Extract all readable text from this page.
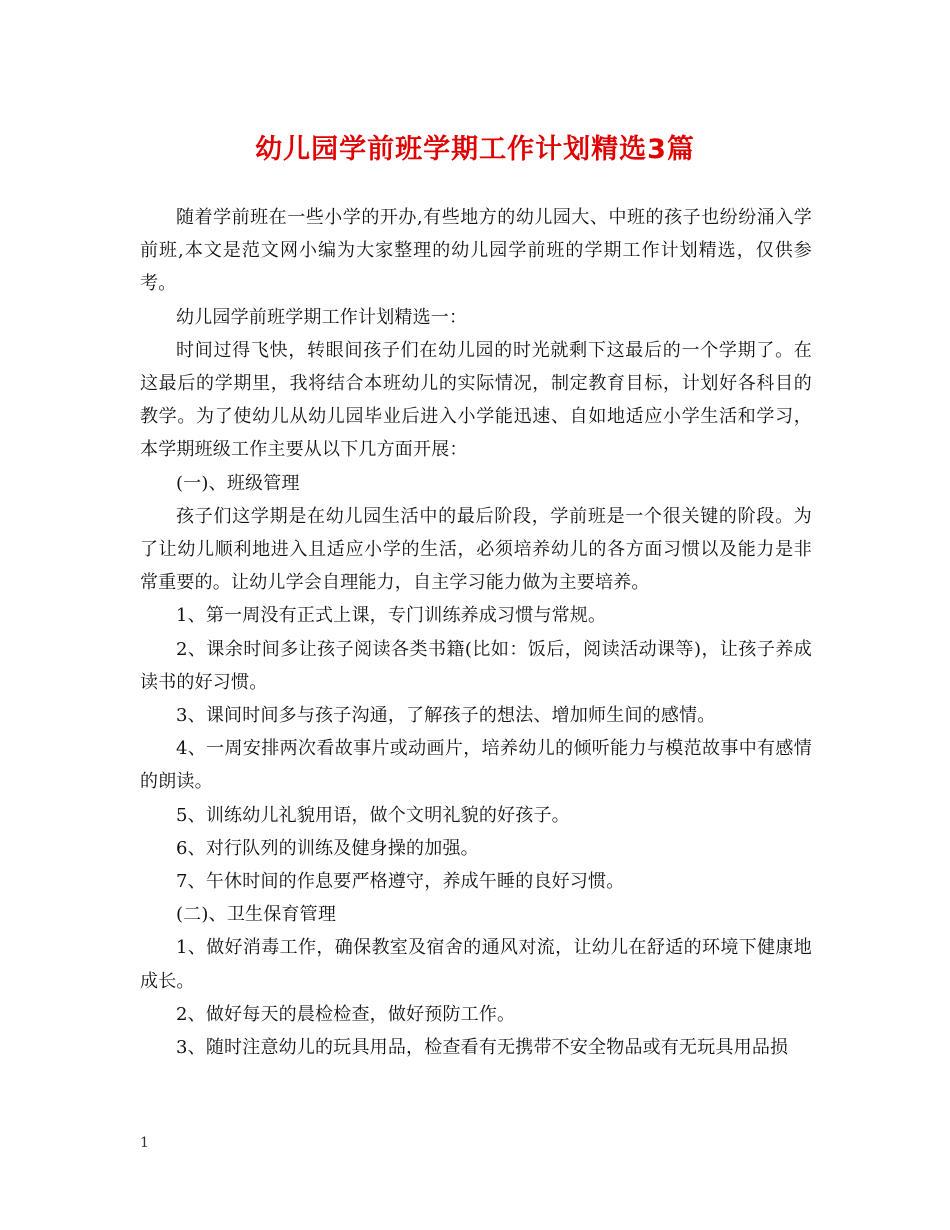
幼儿园学前班学期工作计划精选3篇

随着学前班在一些小学的开办,有些地方的幼儿园大、中班的孩子也纷纷涌入学前班,本文是范文网小编为大家整理的幼儿园学前班的学期工作计划精选，仅供参考。

幼儿园学前班学期工作计划精选一：

时间过得飞快，转眼间孩子们在幼儿园的时光就剩下这最后的一个学期了。在这最后的学期里，我将结合本班幼儿的实际情况，制定教育目标，计划好各科目的教学。为了使幼儿从幼儿园毕业后进入小学能迅速、自如地适应小学生活和学习，本学期班级工作主要从以下几方面开展：

(一)、班级管理

孩子们这学期是在幼儿园生活中的最后阶段，学前班是一个很关键的阶段。为了让幼儿顺利地进入且适应小学的生活，必须培养幼儿的各方面习惯以及能力是非常重要的。让幼儿学会自理能力，自主学习能力做为主要培养。

1、第一周没有正式上课，专门训练养成习惯与常规。

2、课余时间多让孩子阅读各类书籍(比如：饭后，阅读活动课等)，让孩子养成读书的好习惯。

3、课间时间多与孩子沟通，了解孩子的想法、增加师生间的感情。

4、一周安排两次看故事片或动画片，培养幼儿的倾听能力与模范故事中有感情的朗读。

5、训练幼儿礼貌用语，做个文明礼貌的好孩子。

6、对行队列的训练及健身操的加强。

7、午休时间的作息要严格遵守，养成午睡的良好习惯。

(二)、卫生保育管理

1、做好消毒工作，确保教室及宿舍的通风对流，让幼儿在舒适的环境下健康地成长。

2、做好每天的晨检检查，做好预防工作。

3、随时注意幼儿的玩具用品，检查看有无携带不安全物品或有无玩具用品损

1
